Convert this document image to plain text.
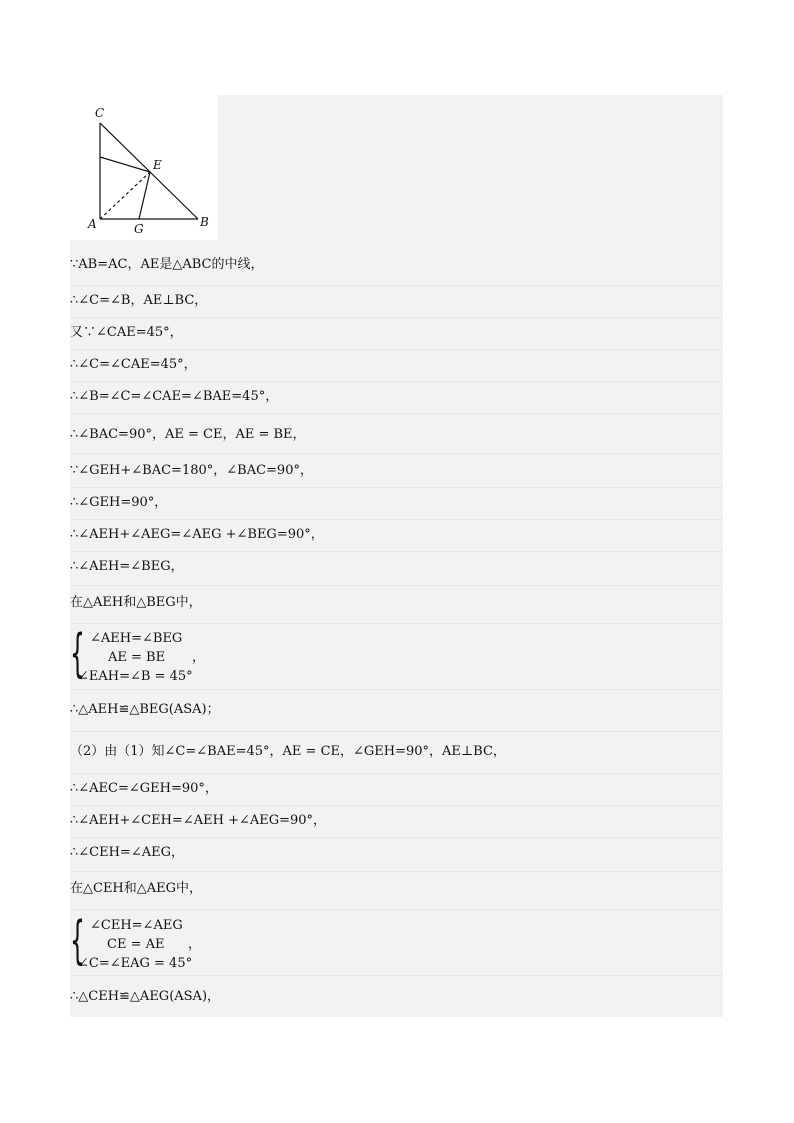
C
E
A	G	B
∵AB=AC，AE是△ABC的中线，
∴∠C=∠B，AE⊥BC，
又∵∠CAE=45°，
∴∠C=∠CAE=45°，
∴∠B=∠C=∠CAE=∠BAE=45°，
∴∠BAC=90°，AE = CE，AE = BE，
∵∠GEH+∠BAC=180°，∠BAC=90°，
∴∠GEH=90°，
∴∠AEH+∠AEG=∠AEG +∠BEG=90°，
∴∠AEH=∠BEG，
在△AEH和△BEG中，
{ ∠AEH=∠BEG
AE = BE ，
∠EAH=∠B = 45°
∴△AEH≌△BEG(ASA)；
（2）由（1）知∠C=∠BAE=45°，AE = CE，∠GEH=90°，AE⊥BC，
∴∠AEC=∠GEH=90°，
∴∠AEH+∠CEH=∠AEH +∠AEG=90°，
∴∠CEH=∠AEG，
在△CEH和△AEG中，
{ ∠CEH=∠AEG
CE = AE ，
∠C=∠EAG = 45°
∴△CEH≌△AEG(ASA)，
